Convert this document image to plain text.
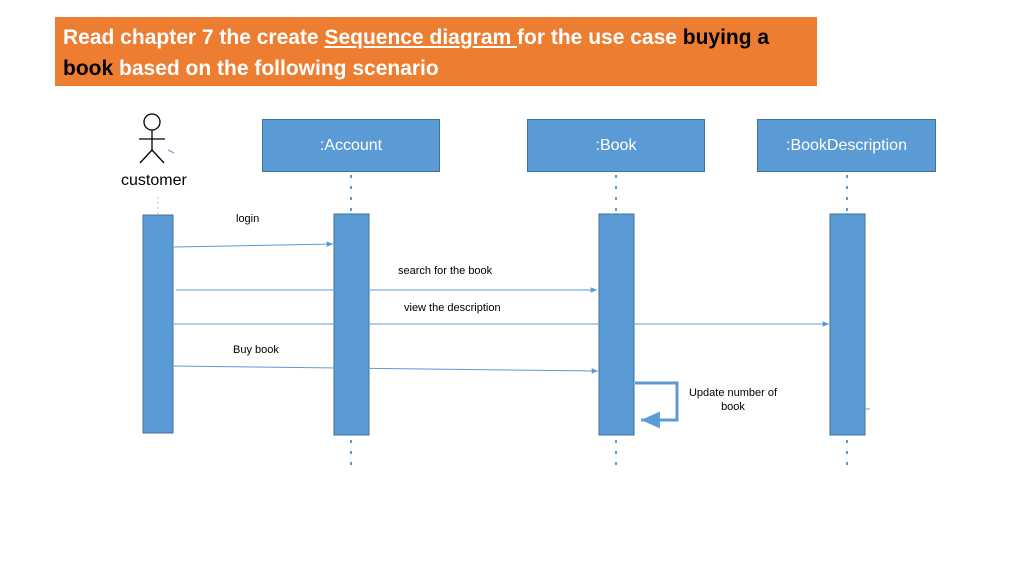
Read chapter 7 the create Sequence diagram for the use case buying a
book based on the following scenario
:Account	:Book	:BookDescription
customer
login
search for the book
view the description
Buy book
Update number of book
